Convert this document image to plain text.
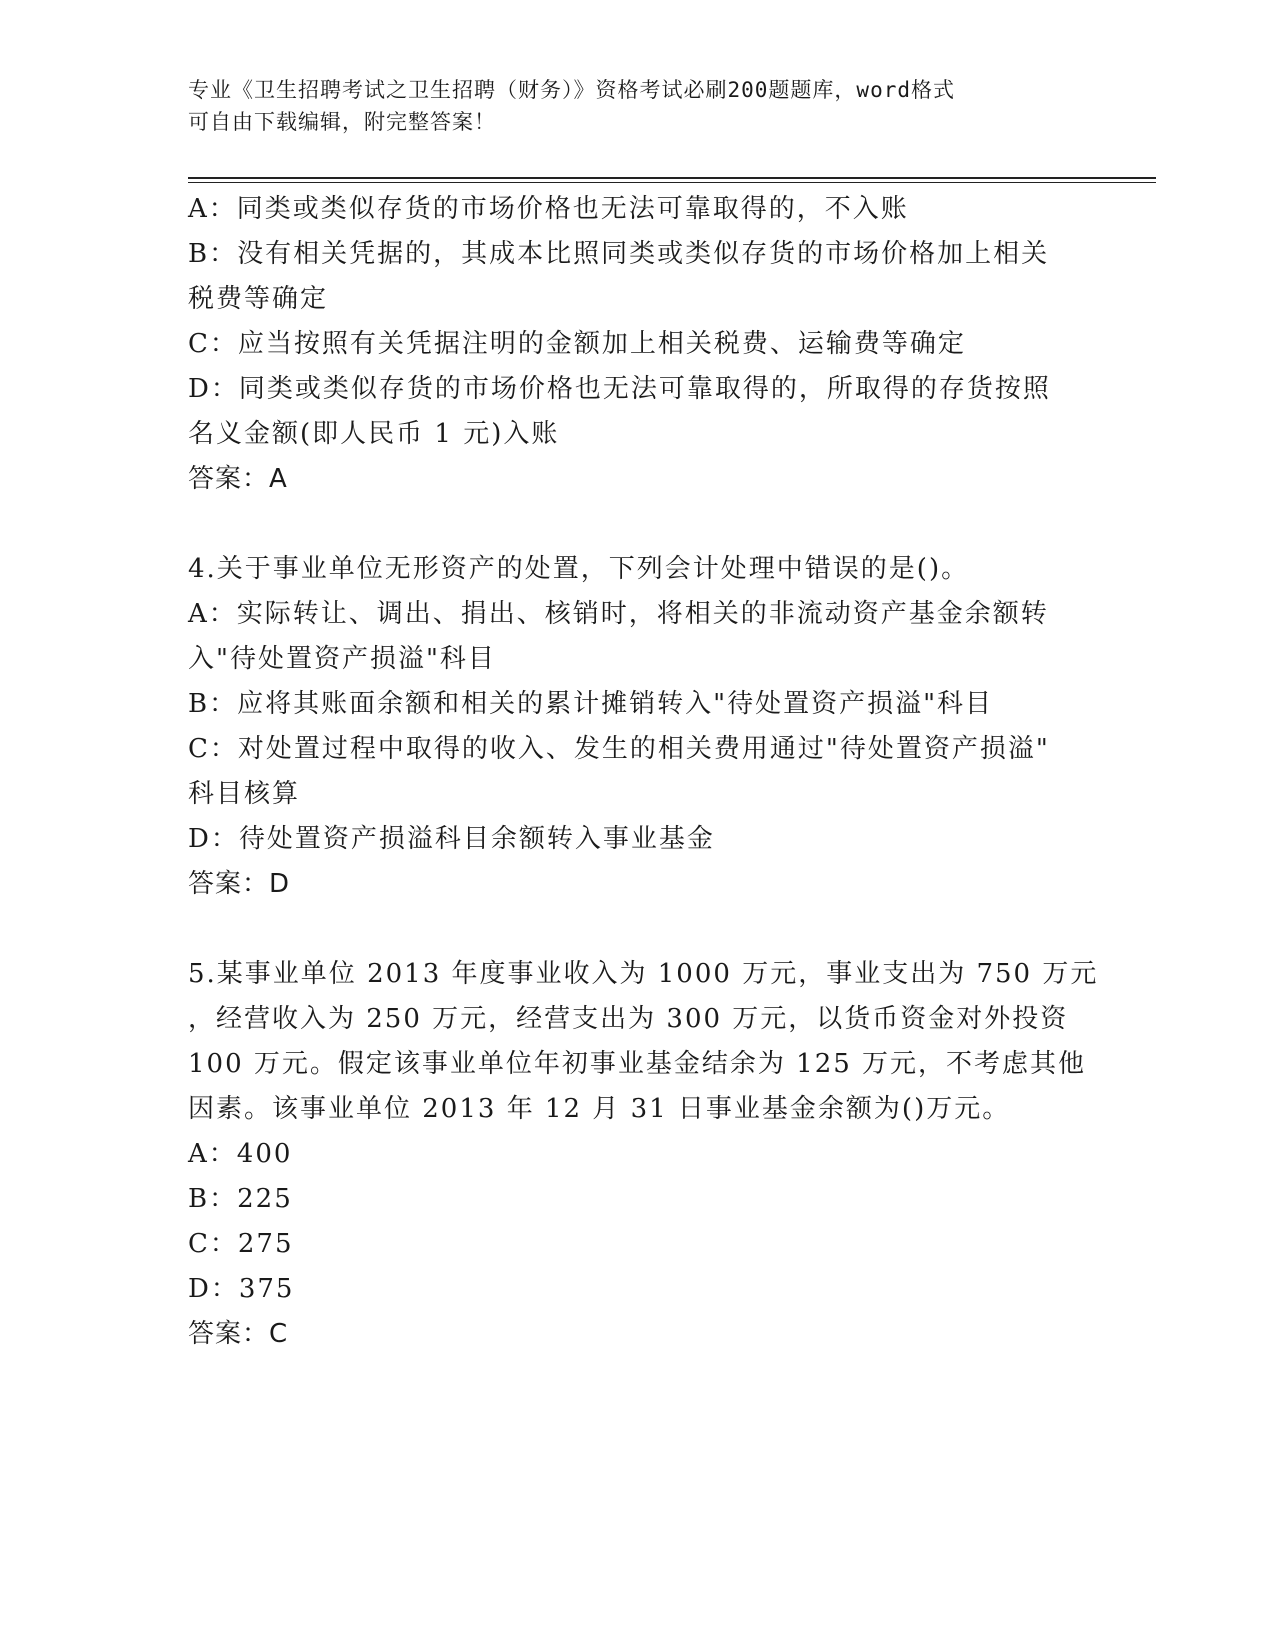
专业《卫生招聘考试之卫生招聘（财务）》资格考试必刷200题题库，word格式
可自由下载编辑，附完整答案！
A：同类或类似存货的市场价格也无法可靠取得的，不入账
B：没有相关凭据的，其成本比照同类或类似存货的市场价格加上相关
税费等确定
C：应当按照有关凭据注明的金额加上相关税费、运输费等确定
D：同类或类似存货的市场价格也无法可靠取得的，所取得的存货按照
名义金额(即人民币 1 元)入账
答案：A
4.关于事业单位无形资产的处置，下列会计处理中错误的是()。
A：实际转让、调出、捐出、核销时，将相关的非流动资产基金余额转
入"待处置资产损溢"科目
B：应将其账面余额和相关的累计摊销转入"待处置资产损溢"科目
C：对处置过程中取得的收入、发生的相关费用通过"待处置资产损溢"
科目核算
D：待处置资产损溢科目余额转入事业基金
答案：D
5.某事业单位 2013 年度事业收入为 1000 万元，事业支出为 750 万元
，经营收入为 250 万元，经营支出为 300 万元，以货币资金对外投资
100 万元。假定该事业单位年初事业基金结余为 125 万元，不考虑其他
因素。该事业单位 2013 年 12 月 31 日事业基金余额为()万元。
A：400
B：225
C：275
D：375
答案：C
